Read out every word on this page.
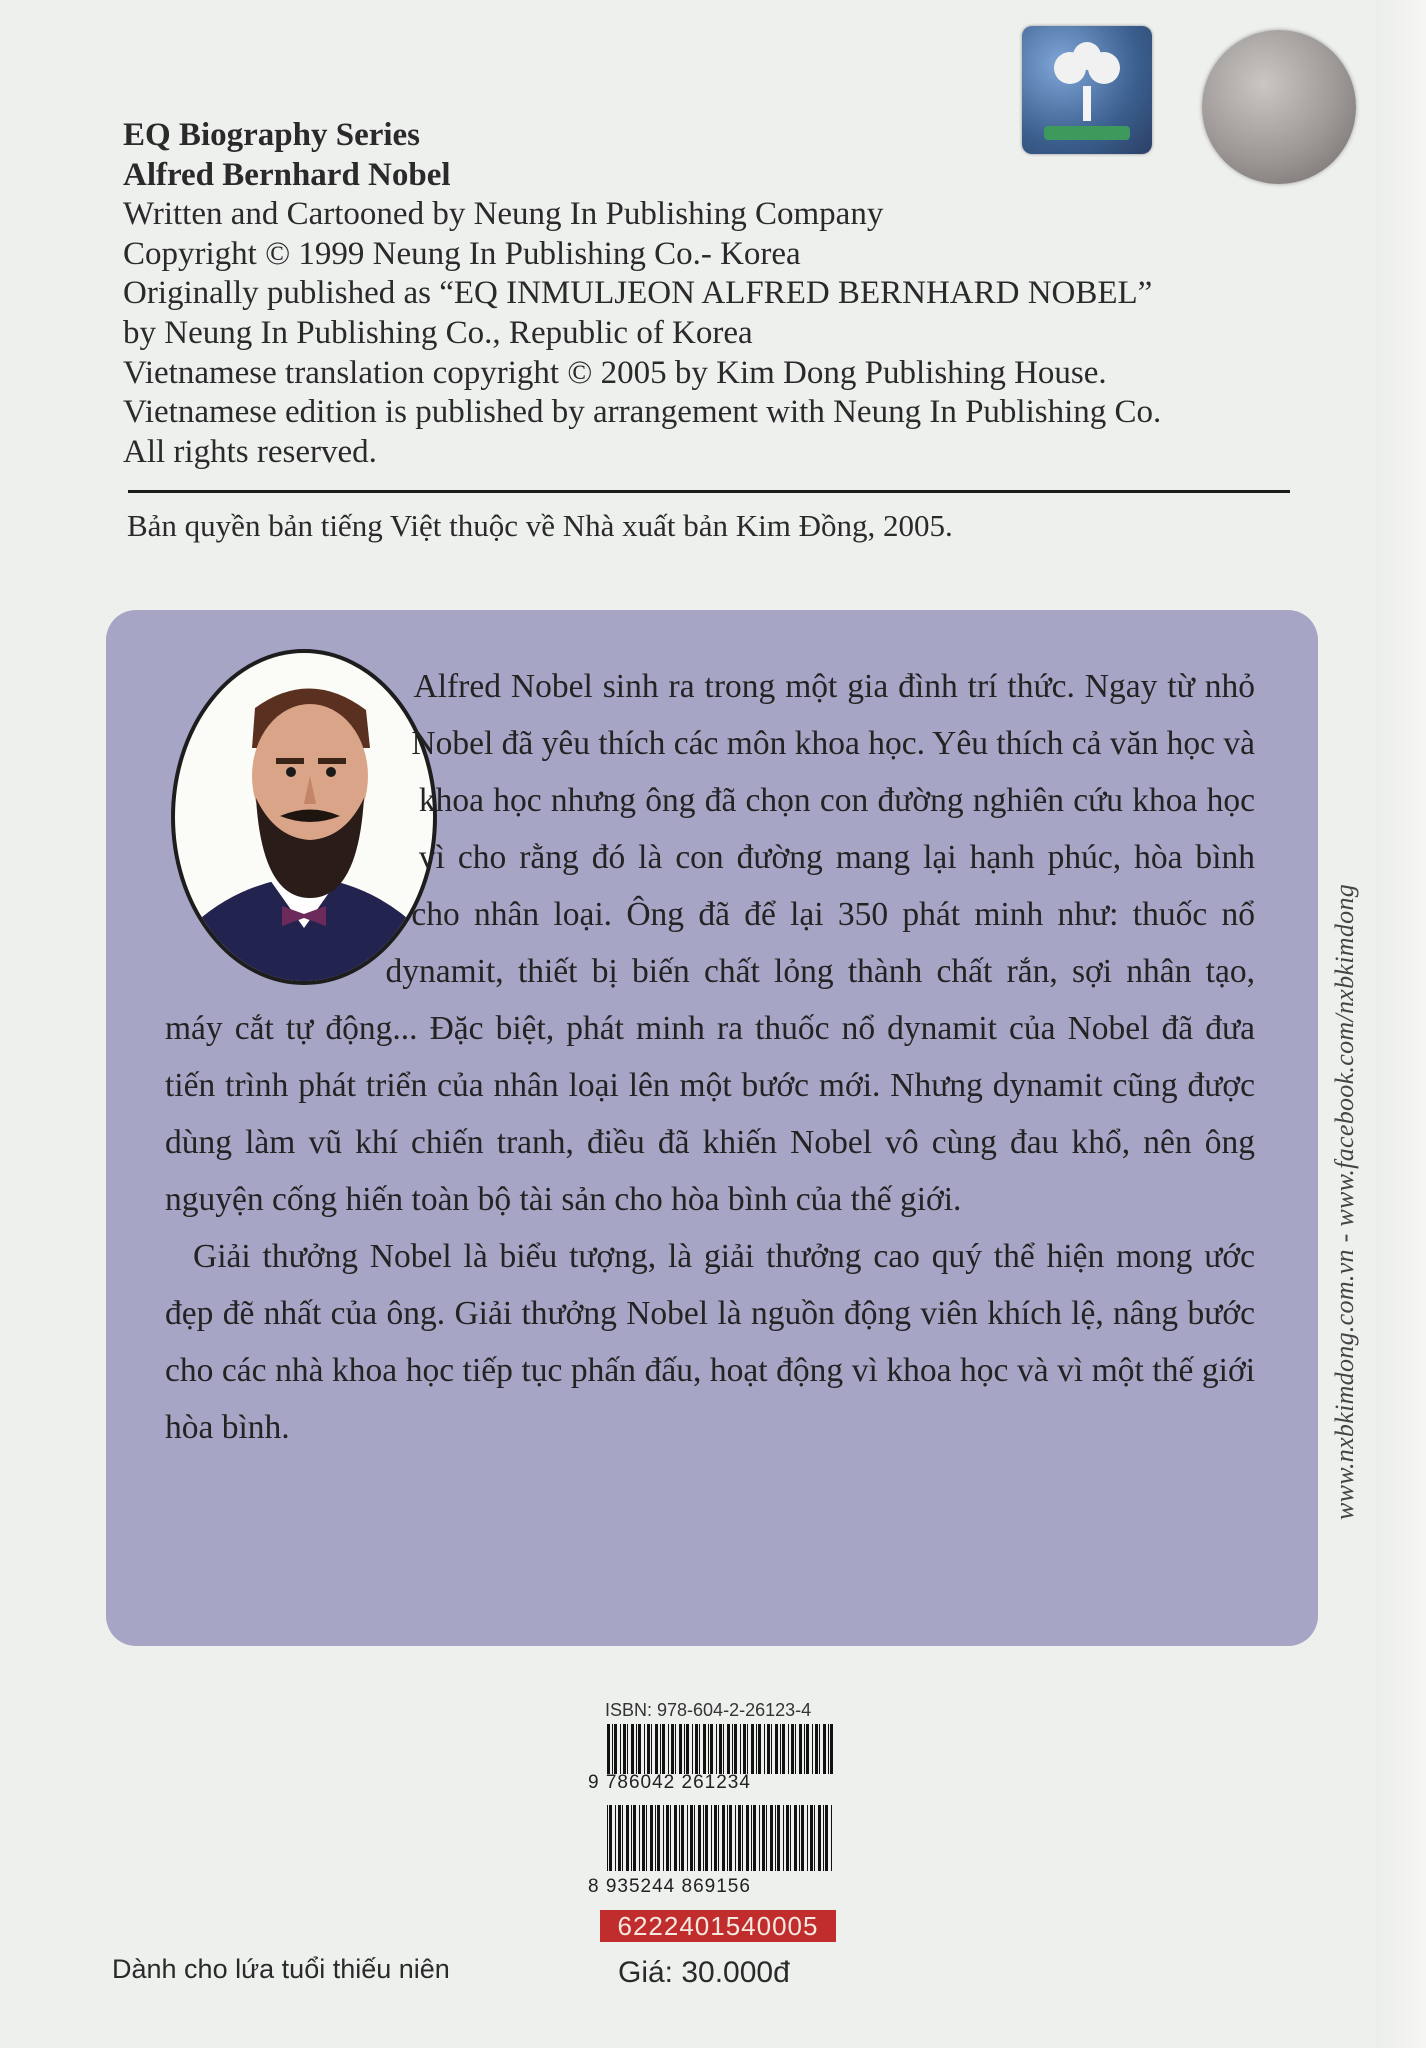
EQ Biography Series
Alfred Bernhard Nobel
Written and Cartooned by Neung In Publishing Company
Copyright © 1999 Neung In Publishing Co.- Korea
Originally published as “EQ INMULJEON ALFRED BERNHARD NOBEL”
by Neung In Publishing Co., Republic of Korea
Vietnamese translation copyright © 2005 by Kim Dong Publishing House.
Vietnamese edition is published by arrangement with Neung In Publishing Co.
All rights reserved.
Bản quyền bản tiếng Việt thuộc về Nhà xuất bản Kim Đồng, 2005.

Alfred Nobel sinh ra trong một gia đình trí thức. Ngay từ nhỏ Nobel đã yêu thích các môn khoa học. Yêu thích cả văn học và khoa học nhưng ông đã chọn con đường nghiên cứu khoa học vì cho rằng đó là con đường mang lại hạnh phúc, hòa bình cho nhân loại. Ông đã để lại 350 phát minh như: thuốc nổ dynamit, thiết bị biến chất lỏng thành chất rắn, sợi nhân tạo, máy cắt tự động... Đặc biệt, phát minh ra thuốc nổ dynamit của Nobel đã đưa tiến trình phát triển của nhân loại lên một bước mới. Nhưng dynamit cũng được dùng làm vũ khí chiến tranh, điều đã khiến Nobel vô cùng đau khổ, nên ông nguyện cống hiến toàn bộ tài sản cho hòa bình của thế giới.

Giải thưởng Nobel là biểu tượng, là giải thưởng cao quý thể hiện mong ước đẹp đẽ nhất của ông. Giải thưởng Nobel là nguồn động viên khích lệ, nâng bước cho các nhà khoa học tiếp tục phấn đấu, hoạt động vì khoa học và vì một thế giới hòa bình.	www.nxbkimdong.com.vn - www.facebook.com/nxbkimdong
ISBN: 978-604-2-26123-4
9 786042 261234
8 935244 869156
6222401540005
Dành cho lứa tuổi thiếu niên	Giá: 30.000đ
